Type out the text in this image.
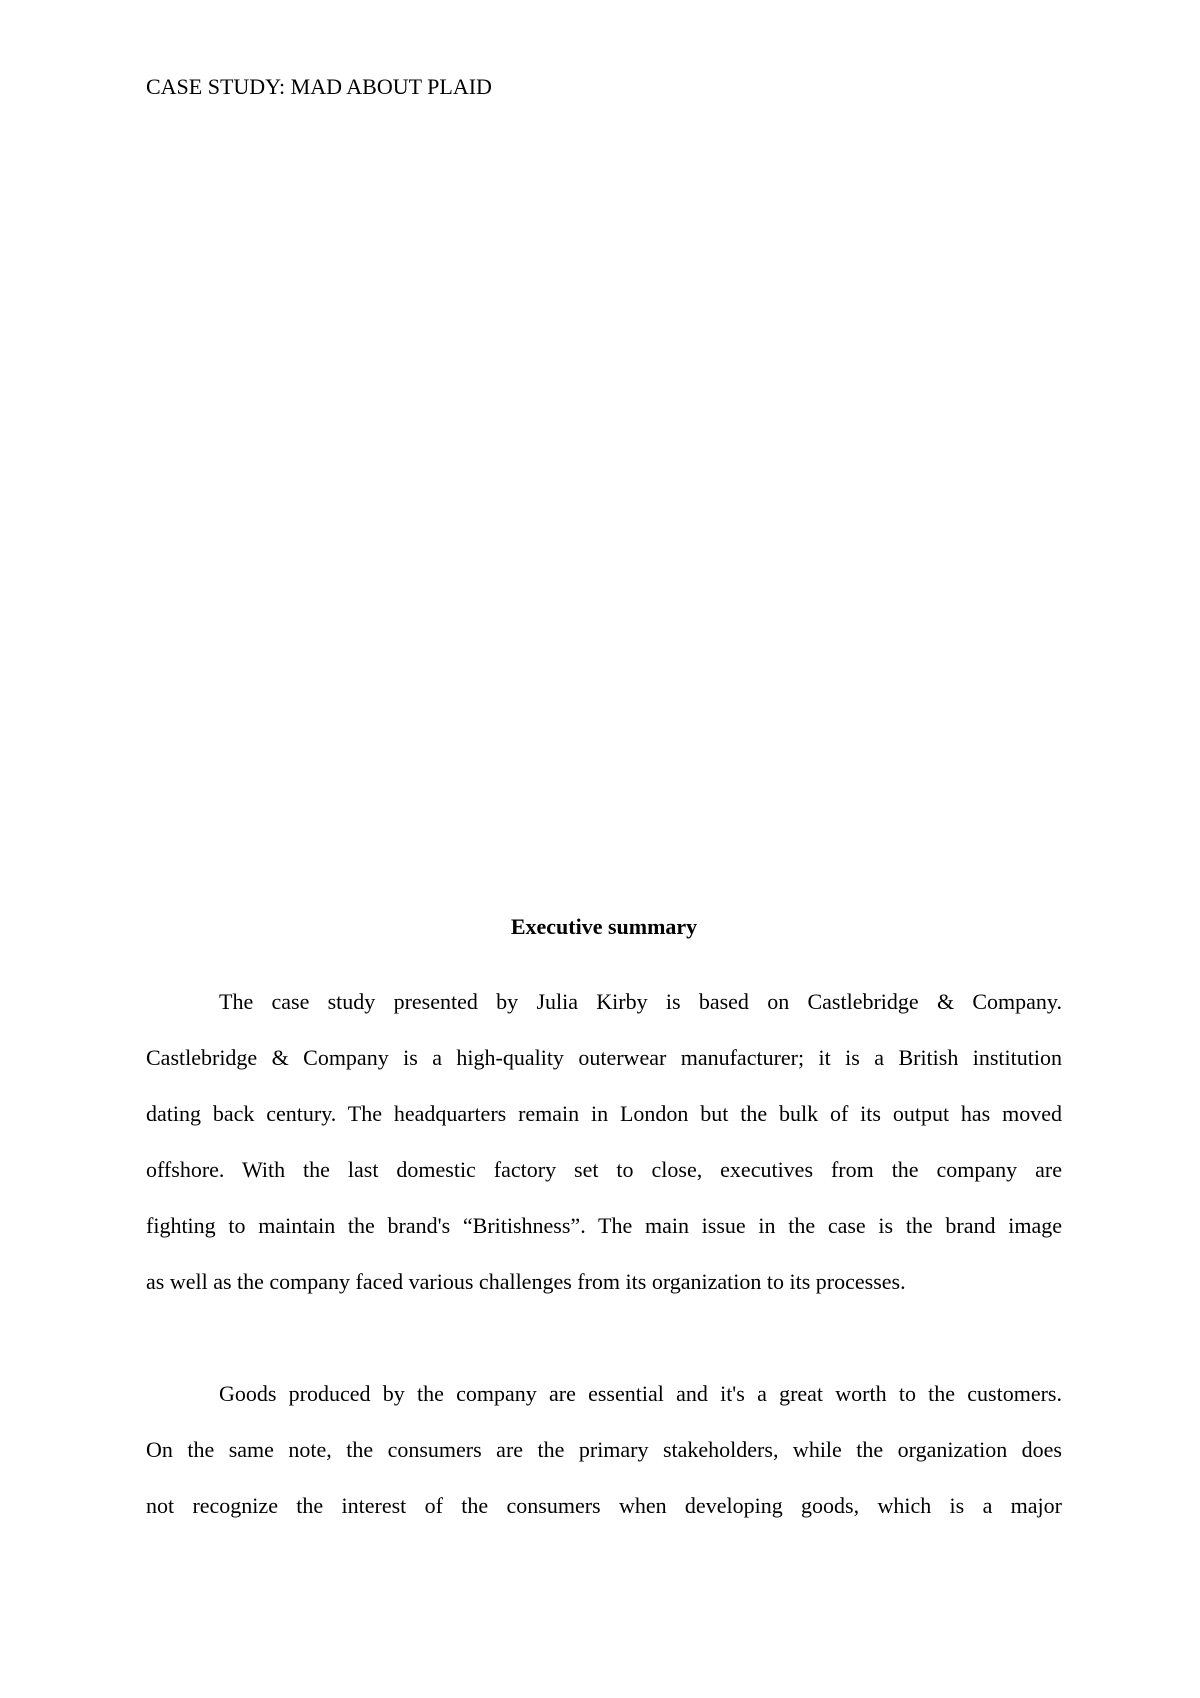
CASE STUDY: MAD ABOUT PLAID
Executive summary
The case study presented by Julia Kirby is based on Castlebridge & Company.
Castlebridge & Company is a high-quality outerwear manufacturer; it is a British institution
dating back century. The headquarters remain in London but the bulk of its output has moved
offshore. With the last domestic factory set to close, executives from the company are
fighting to maintain the brand's “Britishness”. The main issue in the case is the brand image
as well as the company faced various challenges from its organization to its processes.
Goods produced by the company are essential and it's a great worth to the customers.
On the same note, the consumers are the primary stakeholders, while the organization does
not recognize the interest of the consumers when developing goods, which is a major
